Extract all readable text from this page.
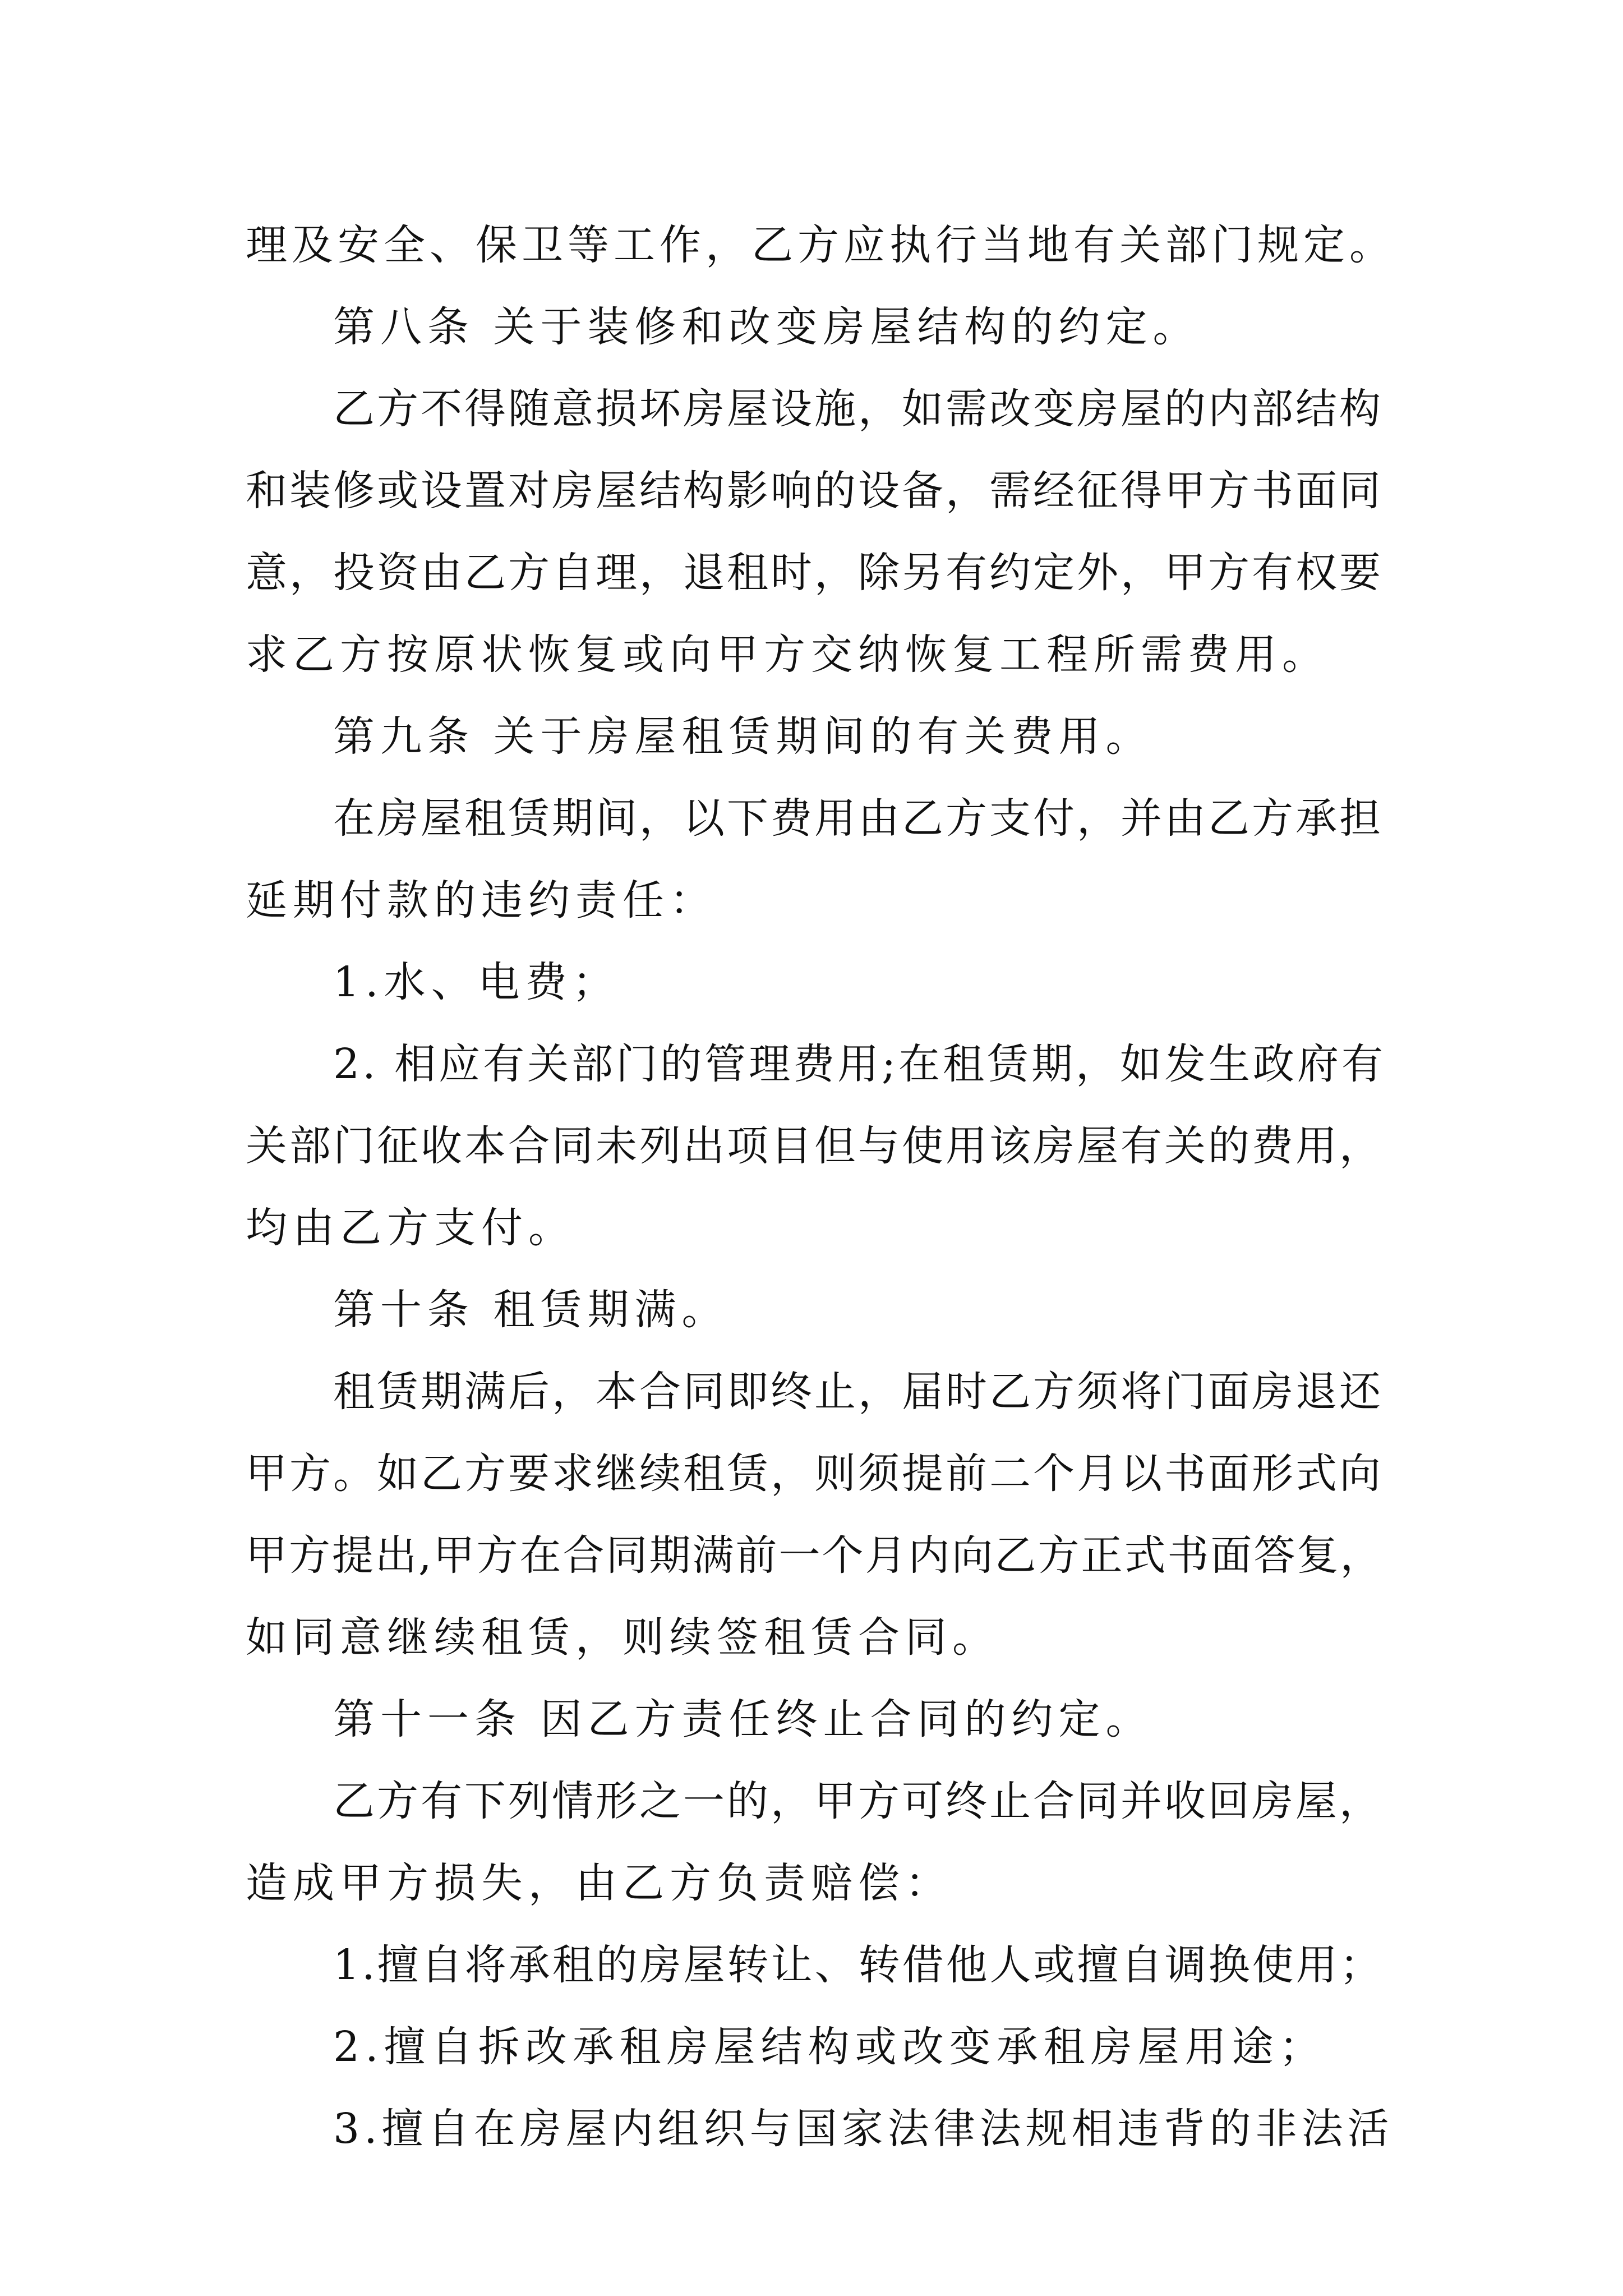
理及安全、保卫等工作，乙方应执行当地有关部门规定。
第八条 关于装修和改变房屋结构的约定。
乙方不得随意损坏房屋设施，如需改变房屋的内部结构
和装修或设置对房屋结构影响的设备，需经征得甲方书面同
意，投资由乙方自理，退租时，除另有约定外，甲方有权要
求乙方按原状恢复或向甲方交纳恢复工程所需费用。
第九条 关于房屋租赁期间的有关费用。
在房屋租赁期间，以下费用由乙方支付，并由乙方承担
延期付款的违约责任：
1.水、电费；
2. 相应有关部门的管理费用;在租赁期，如发生政府有
关部门征收本合同未列出项目但与使用该房屋有关的费用，
均由乙方支付。
第十条 租赁期满。
租赁期满后，本合同即终止，届时乙方须将门面房退还
甲方。如乙方要求继续租赁，则须提前二个月以书面形式向
甲方提出,甲方在合同期满前一个月内向乙方正式书面答复，
如同意继续租赁，则续签租赁合同。
第十一条 因乙方责任终止合同的约定。
乙方有下列情形之一的，甲方可终止合同并收回房屋，
造成甲方损失，由乙方负责赔偿：
1.擅自将承租的房屋转让、转借他人或擅自调换使用；
2.擅自拆改承租房屋结构或改变承租房屋用途；
3.擅自在房屋内组织与国家法律法规相违背的非法活
